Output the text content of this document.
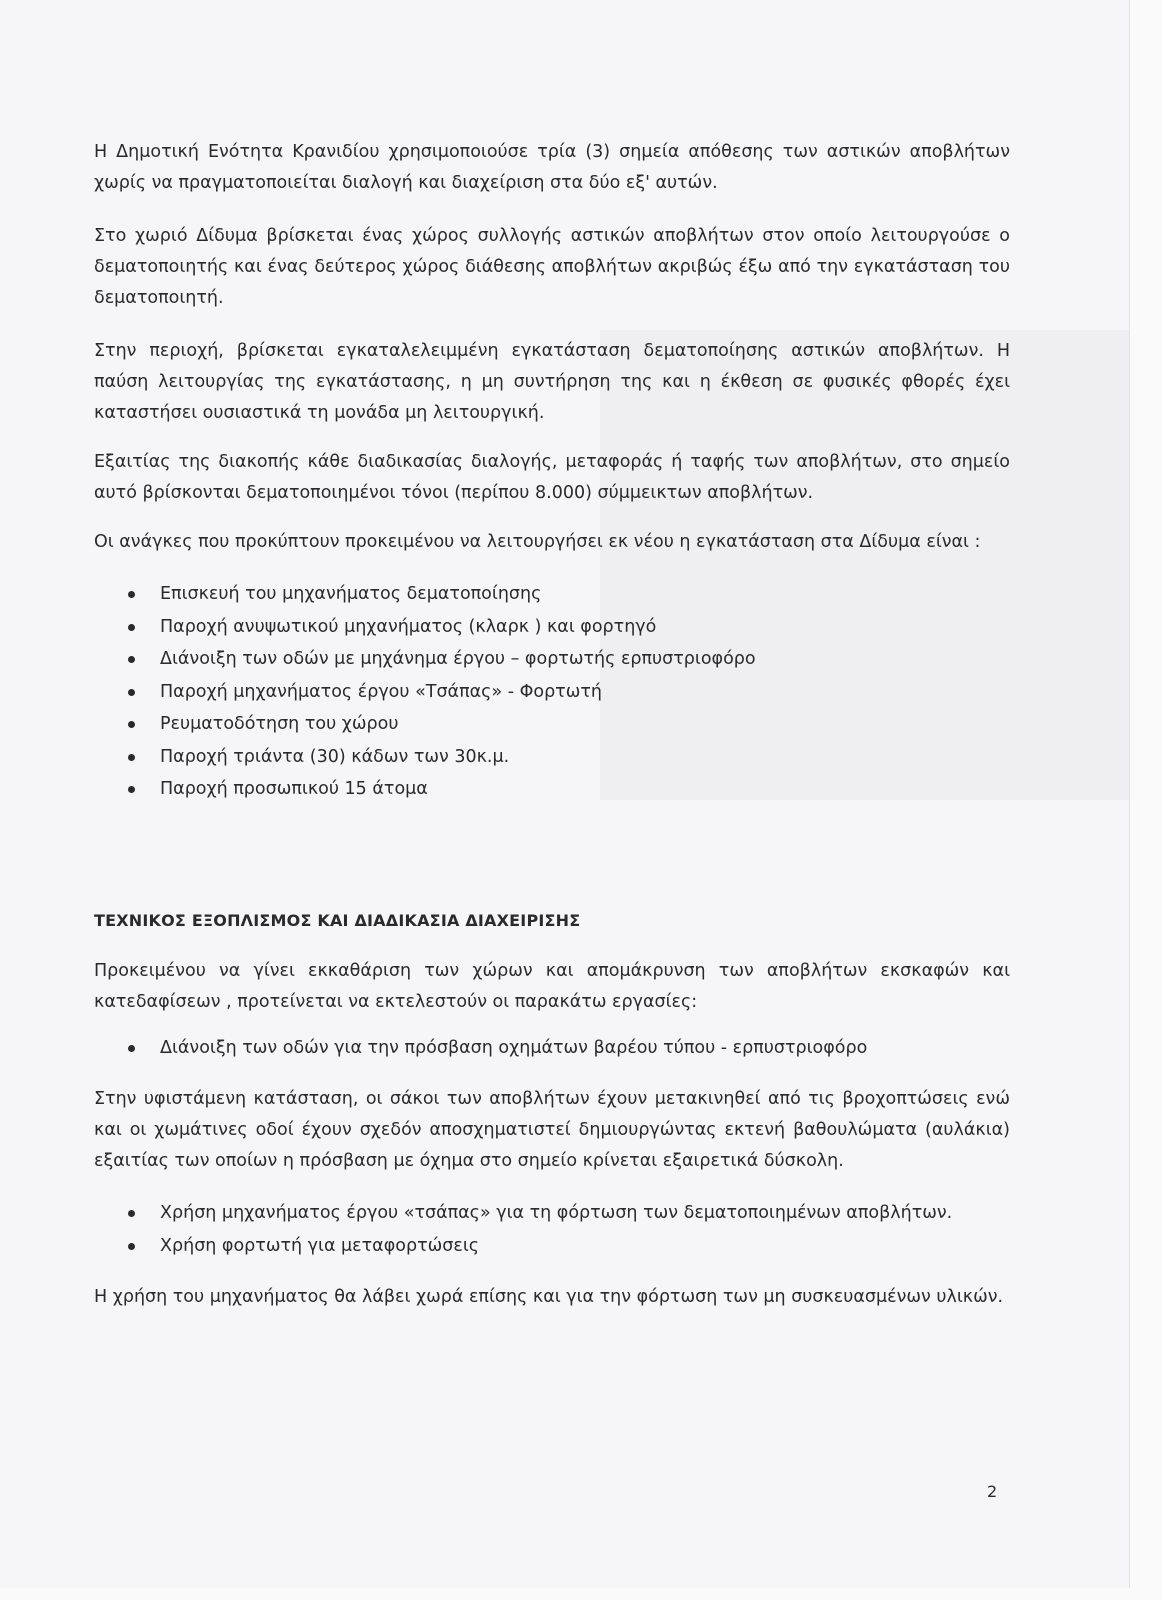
Η Δημοτική Ενότητα Κρανιδίου χρησιμοποιούσε τρία (3) σημεία απόθεσης των αστικών αποβλήτων χωρίς να πραγματοποιείται διαλογή και διαχείριση στα δύο εξ' αυτών.

Στο χωριό Δίδυμα βρίσκεται ένας χώρος συλλογής αστικών αποβλήτων στον οποίο λειτουργούσε ο δεματοποιητής και ένας δεύτερος χώρος διάθεσης αποβλήτων ακριβώς έξω από την εγκατάσταση του δεματοποιητή.

Στην περιοχή, βρίσκεται εγκαταλελειμμένη εγκατάσταση δεματοποίησης αστικών αποβλήτων. Η παύση λειτουργίας της εγκατάστασης, η μη συντήρηση της και η έκθεση σε φυσικές φθορές έχει καταστήσει ουσιαστικά τη μονάδα μη λειτουργική.

Εξαιτίας της διακοπής κάθε διαδικασίας διαλογής, μεταφοράς ή ταφής των αποβλήτων, στο σημείο αυτό βρίσκονται δεματοποιημένοι τόνοι (περίπου 8.000) σύμμεικτων αποβλήτων.

Οι ανάγκες που προκύπτουν προκειμένου να λειτουργήσει εκ νέου η εγκατάσταση στα Δίδυμα είναι :

Επισκευή του μηχανήματος δεματοποίησης
Παροχή ανυψωτικού μηχανήματος (κλαρκ ) και φορτηγό
Διάνοιξη των οδών με μηχάνημα έργου – φορτωτής ερπυστριοφόρο
Παροχή μηχανήματος έργου «Τσάπας» - Φορτωτή
Ρευματοδότηση του χώρου
Παροχή τριάντα (30) κάδων των 30κ.μ.
Παροχή προσωπικού 15 άτομα
ΤΕΧΝΙΚΟΣ ΕΞΟΠΛΙΣΜΟΣ ΚΑΙ ΔΙΑΔΙΚΑΣΙΑ ΔΙΑΧΕΙΡΙΣΗΣ

Προκειμένου να γίνει εκκαθάριση των χώρων και απομάκρυνση των αποβλήτων εκσκαφών και κατεδαφίσεων , προτείνεται να εκτελεστούν οι παρακάτω εργασίες:

Διάνοιξη των οδών για την πρόσβαση οχημάτων βαρέου τύπου - ερπυστριοφόρο

Στην υφιστάμενη κατάσταση, οι σάκοι των αποβλήτων έχουν μετακινηθεί από τις βροχοπτώσεις ενώ και οι χωμάτινες οδοί έχουν σχεδόν αποσχηματιστεί δημιουργώντας εκτενή βαθουλώματα (αυλάκια) εξαιτίας των οποίων η πρόσβαση με όχημα στο σημείο κρίνεται εξαιρετικά δύσκολη.

Χρήση μηχανήματος έργου «τσάπας» για τη φόρτωση των δεματοποιημένων αποβλήτων.
Χρήση φορτωτή για μεταφορτώσεις

Η χρήση του μηχανήματος θα λάβει χωρά επίσης και για την φόρτωση των μη συσκευασμένων υλικών.

2
